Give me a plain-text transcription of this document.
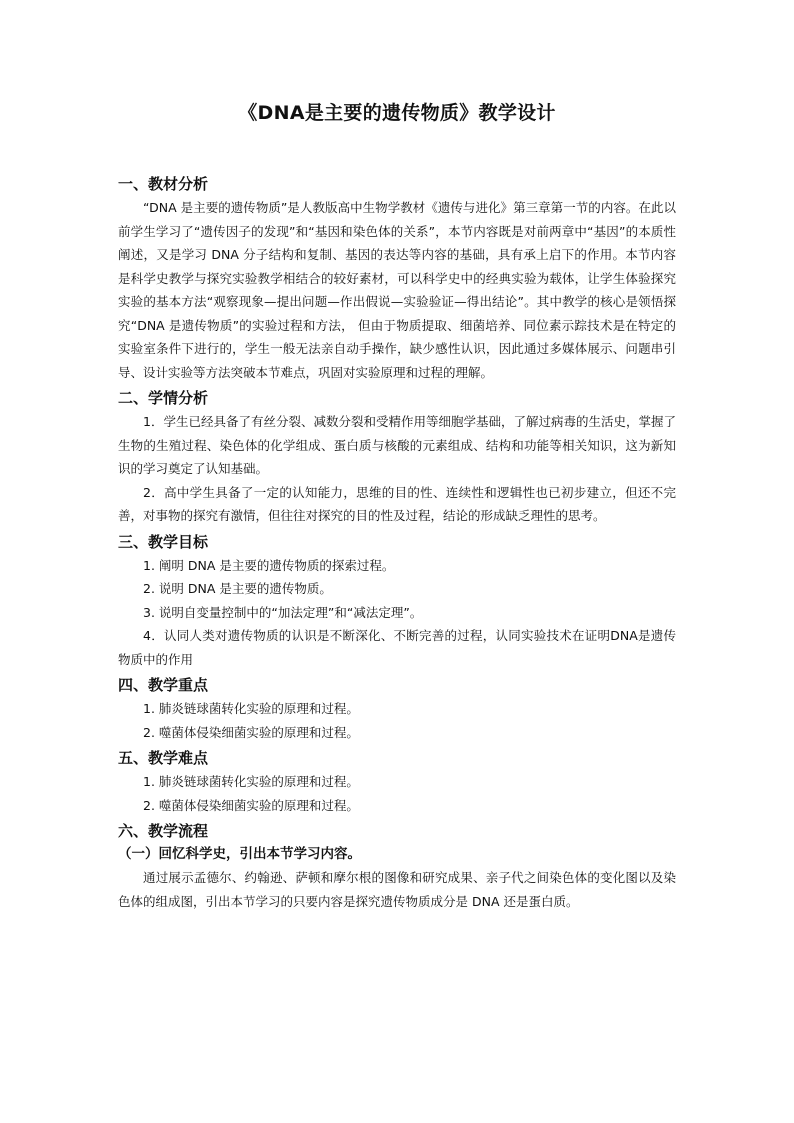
《DNA是主要的遗传物质》教学设计
一、教材分析

“DNA 是主要的遗传物质”是人教版高中生物学教材《遗传与进化》第三章第一节的内容。在此以前学生学习了“遗传因子的发现”和“基因和染色体的关系”，本节内容既是对前两章中“基因”的本质性阐述，又是学习 DNA 分子结构和复制、基因的表达等内容的基础，具有承上启下的作用。本节内容是科学史教学与探究实验教学相结合的较好素材，可以科学史中的经典实验为载体，让学生体验探究实验的基本方法“观察现象—提出问题—作出假说—实验验证—得出结论”。其中教学的核心是领悟探究“DNA 是遗传物质”的实验过程和方法， 但由于物质提取、细菌培养、同位素示踪技术是在特定的实验室条件下进行的，学生一般无法亲自动手操作，缺少感性认识，因此通过多媒体展示、问题串引导、设计实验等方法突破本节难点，巩固对实验原理和过程的理解。

二、学情分析

1．学生已经具备了有丝分裂、减数分裂和受精作用等细胞学基础，了解过病毒的生活史，掌握了生物的生殖过程、染色体的化学组成、蛋白质与核酸的元素组成、结构和功能等相关知识，这为新知识的学习奠定了认知基础。

2．高中学生具备了一定的认知能力，思维的目的性、连续性和逻辑性也已初步建立，但还不完善，对事物的探究有激情，但往往对探究的目的性及过程，结论的形成缺乏理性的思考。

三、教学目标

1. 阐明 DNA 是主要的遗传物质的探索过程。

2. 说明 DNA 是主要的遗传物质。

3. 说明自变量控制中的“加法定理”和“减法定理”。

4．认同人类对遗传物质的认识是不断深化、不断完善的过程，认同实验技术在证明DNA是遗传物质中的作用

四、教学重点

1. 肺炎链球菌转化实验的原理和过程。

2. 噬菌体侵染细菌实验的原理和过程。

五、教学难点

1. 肺炎链球菌转化实验的原理和过程。

2. 噬菌体侵染细菌实验的原理和过程。

六、教学流程
（一）回忆科学史，引出本节学习内容。

通过展示孟德尔、约翰逊、萨顿和摩尔根的图像和研究成果、亲子代之间染色体的变化图以及染色体的组成图，引出本节学习的只要内容是探究遗传物质成分是 DNA 还是蛋白质。
